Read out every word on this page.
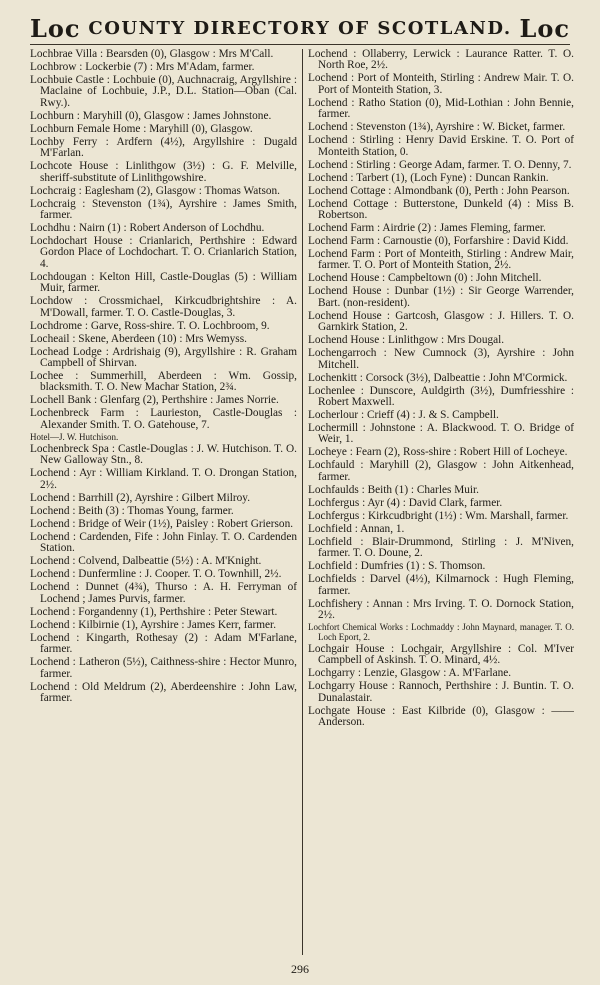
Loc COUNTY DIRECTORY OF SCOTLAND. Loc

Lochbrae Villa : Bearsden (0), Glasgow : Mrs M'Call.

Lochbrow : Lockerbie (7) : Mrs M'Adam, farmer.

Lochbuie Castle : Lochbuie (0), Auchnacraig, Argyllshire : Maclaine of Lochbuie, J.P., D.L. Station—Oban (Cal. Rwy.).

Lochburn : Maryhill (0), Glasgow : James Johnstone.

Lochburn Female Home : Maryhill (0), Glasgow.

Lochby Ferry : Ardfern (4½), Argyllshire : Dugald M'Farlan.

Lochcote House : Linlithgow (3½) : G. F. Melville, sheriff-substitute of Linlithgowshire.

Lochcraig : Eaglesham (2), Glasgow : Thomas Watson.

Lochcraig : Stevenston (1¾), Ayrshire : James Smith, farmer.

Lochdhu : Nairn (1) : Robert Anderson of Lochdhu.

Lochdochart House : Crianlarich, Perthshire : Edward Gordon Place of Lochdochart. T. O. Crianlarich Station, 4.

Lochdougan : Kelton Hill, Castle-Douglas (5) : William Muir, farmer.

Lochdow : Crossmichael, Kirkcudbrightshire : A. M'Dowall, farmer. T. O. Castle-Douglas, 3.

Lochdrome : Garve, Ross-shire. T. O. Lochbroom, 9.

Locheail : Skene, Aberdeen (10) : Mrs Wemyss.

Lochead Lodge : Ardrishaig (9), Argyllshire : R. Graham Campbell of Shirvan.

Lochee : Summerhill, Aberdeen : Wm. Gossip, blacksmith. T. O. New Machar Station, 2¾.

Lochell Bank : Glenfarg (2), Perthshire : James Norrie.

Lochenbreck Farm : Laurieston, Castle-Douglas : Alexander Smith. T. O. Gatehouse, 7.

Hotel—J. W. Hutchison.

Lochenbreck Spa : Castle-Douglas : J. W. Hutchison. T. O. New Galloway Stn., 8.

Lochend : Ayr : William Kirkland. T. O. Drongan Station, 2½.

Lochend : Barrhill (2), Ayrshire : Gilbert Milroy.

Lochend : Beith (3) : Thomas Young, farmer.

Lochend : Bridge of Weir (1½), Paisley : Robert Grierson.

Lochend : Cardenden, Fife : John Finlay. T. O. Cardenden Station.

Lochend : Colvend, Dalbeattie (5½) : A. M'Knight.

Lochend : Dunfermline : J. Cooper. T. O. Townhill, 2½.

Lochend : Dunnet (4¾), Thurso : A. H. Ferryman of Lochend ; James Purvis, farmer.

Lochend : Forgandenny (1), Perthshire : Peter Stewart.

Lochend : Kilbirnie (1), Ayrshire : James Kerr, farmer.

Lochend : Kingarth, Rothesay (2) : Adam M'Farlane, farmer.

Lochend : Latheron (5½), Caithness-shire : Hector Munro, farmer.

Lochend : Old Meldrum (2), Aberdeenshire : John Law, farmer.

Lochend : Ollaberry, Lerwick : Laurance Ratter. T. O. North Roe, 2½.

Lochend : Port of Monteith, Stirling : Andrew Mair. T. O. Port of Monteith Station, 3.

Lochend : Ratho Station (0), Mid-Lothian : John Bennie, farmer.

Lochend : Stevenston (1¾), Ayrshire : W. Bicket, farmer.

Lochend : Stirling : Henry David Erskine. T. O. Port of Monteith Station, 0.

Lochend : Stirling : George Adam, farmer. T. O. Denny, 7.

Lochend : Tarbert (1), (Loch Fyne) : Duncan Rankin.

Lochend Cottage : Almondbank (0), Perth : John Pearson.

Lochend Cottage : Butterstone, Dunkeld (4) : Miss B. Robertson.

Lochend Farm : Airdrie (2) : James Fleming, farmer.

Lochend Farm : Carnoustie (0), Forfarshire : David Kidd.

Lochend Farm : Port of Monteith, Stirling : Andrew Mair, farmer. T. O. Port of Monteith Station, 2½.

Lochend House : Campbeltown (0) : John Mitchell.

Lochend House : Dunbar (1½) : Sir George Warrender, Bart. (non-resident).

Lochend House : Gartcosh, Glasgow : J. Hillers. T. O. Garnkirk Station, 2.

Lochend House : Linlithgow : Mrs Dougal.

Lochengarroch : New Cumnock (3), Ayrshire : John Mitchell.

Lochenkitt : Corsock (3½), Dalbeattie : John M'Cormick.

Lochenlee : Dunscore, Auldgirth (3½), Dumfriesshire : Robert Maxwell.

Locherlour : Crieff (4) : J. & S. Campbell.

Lochermill : Johnstone : A. Blackwood. T. O. Bridge of Weir, 1.

Locheye : Fearn (2), Ross-shire : Robert Hill of Locheye.

Lochfauld : Maryhill (2), Glasgow : John Aitkenhead, farmer.

Lochfaulds : Beith (1) : Charles Muir.

Lochfergus : Ayr (4) : David Clark, farmer.

Lochfergus : Kirkcudbright (1½) : Wm. Marshall, farmer.

Lochfield : Annan, 1.

Lochfield : Blair-Drummond, Stirling : J. M'Niven, farmer. T. O. Doune, 2.

Lochfield : Dumfries (1) : S. Thomson.

Lochfields : Darvel (4½), Kilmarnock : Hugh Fleming, farmer.

Lochfishery : Annan : Mrs Irving. T. O. Dornock Station, 2½.

Lochfort Chemical Works : Lochmaddy : John Maynard, manager. T. O. Loch Eport, 2.

Lochgair House : Lochgair, Argyllshire : Col. M'Iver Campbell of Askinsh. T. O. Minard, 4½.

Lochgarry : Lenzie, Glasgow : A. M'Farlane.

Lochgarry House : Rannoch, Perthshire : J. Buntin. T. O. Dunalastair.

Lochgate House : East Kilbride (0), Glasgow : —— Anderson.

296
